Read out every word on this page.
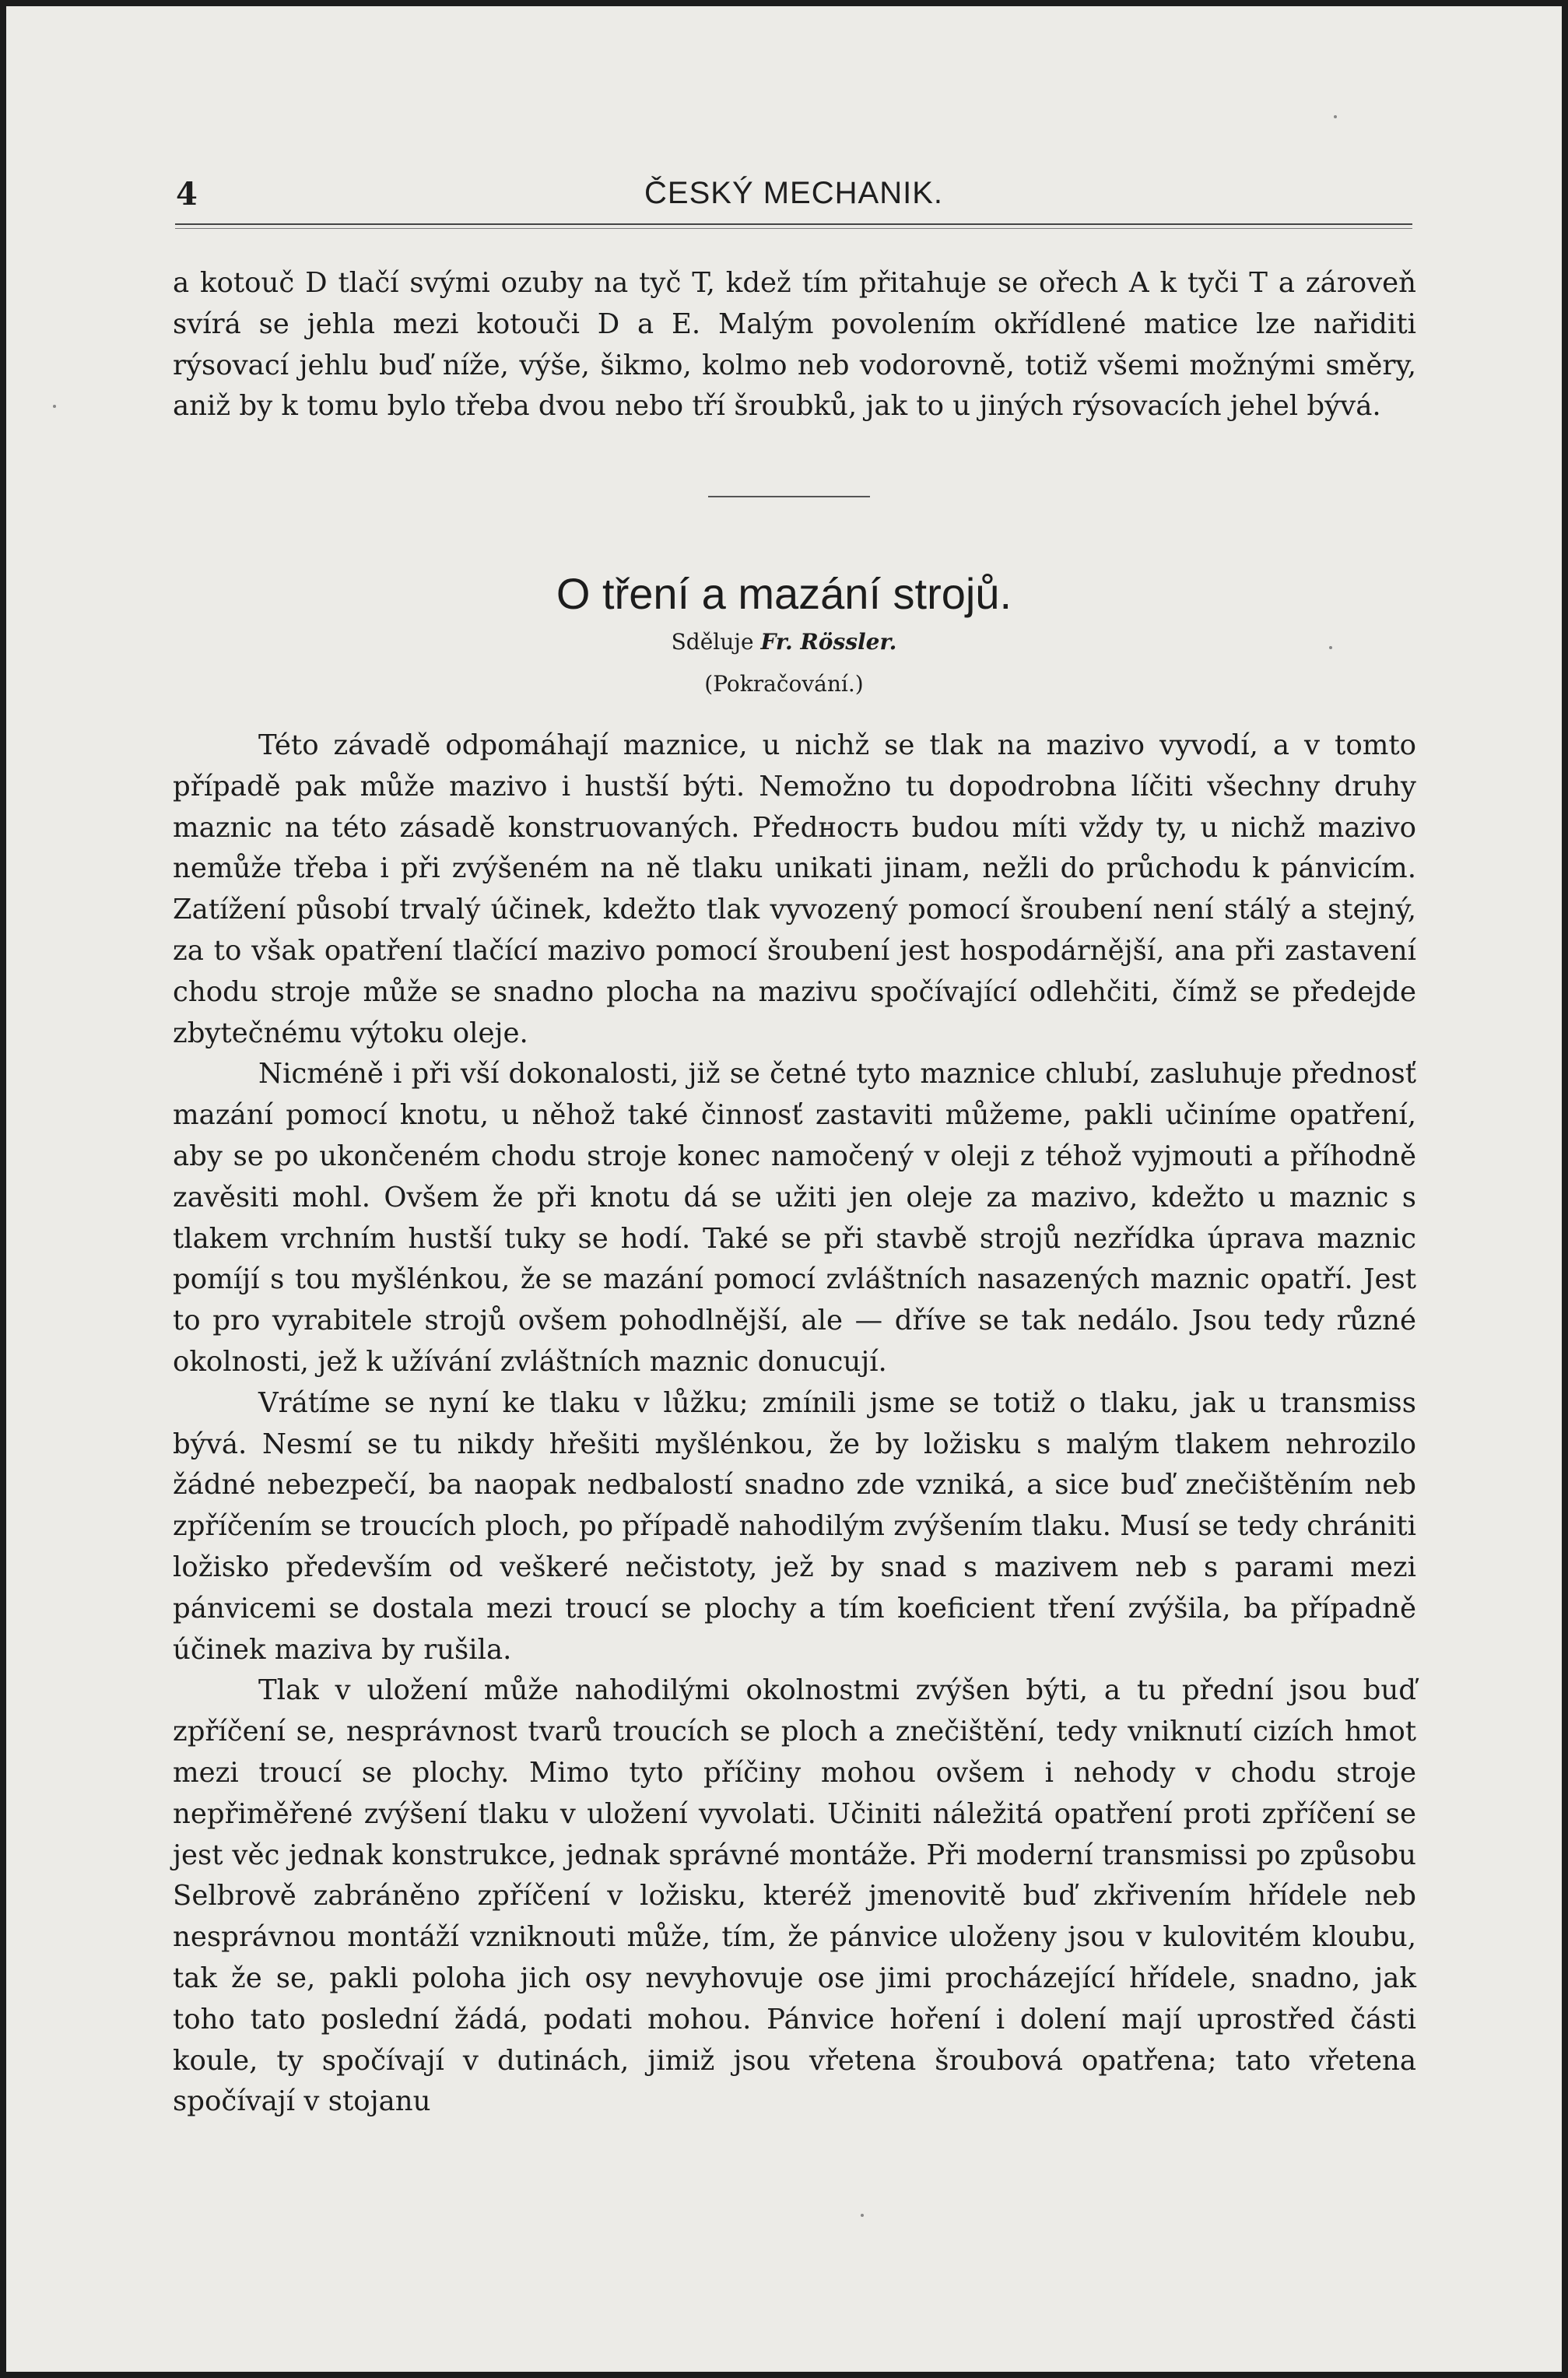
4	ČESKÝ MECHANIK.

a kotouč D tlačí svými ozuby na tyč T, kdež tím přitahuje se ořech A k tyči T a zároveň svírá se jehla mezi kotouči D a E. Malým povolením okřídlené matice lze nařiditi rýsovací jehlu buď níže, výše, šikmo, kolmo neb vodorovně, totiž všemi možnými směry, aniž by k tomu bylo třeba dvou nebo tří šroubků, jak to u jiných rýsovacích jehel bývá.

O tření a mazání strojů.
Sděluje Fr. Rössler.
(Pokračování.)

Této závadě odpomáhají maznice, u nichž se tlak na mazivo vyvodí, a v tomto případě pak může mazivo i hustší býti. Nemožno tu dopodrobna líčiti všechny druhy maznic na této zásadě konstruovaných. Předность budou míti vždy ty, u nichž mazivo nemůže třeba i při zvýšeném na ně tlaku unikati jinam, nežli do průchodu k pánvicím. Zatížení působí trvalý účinek, kdežto tlak vyvozený pomocí šroubení není stálý a stejný, za to však opatření tlačící mazivo pomocí šroubení jest hospodárnější, ana při zastavení chodu stroje může se snadno plocha na mazivu spočívající odlehčiti, čímž se předejde zbytečnému výtoku oleje.

Nicméně i při vší dokonalosti, již se četné tyto maznice chlubí, zasluhuje přednosť mazání pomocí knotu, u něhož také činnosť zastaviti můžeme, pakli učiníme opatření, aby se po ukončeném chodu stroje konec namočený v oleji z téhož vyjmouti a příhodně zavěsiti mohl. Ovšem že při knotu dá se užiti jen oleje za mazivo, kdežto u maznic s tlakem vrchním hustší tuky se hodí. Také se při stavbě strojů nezřídka úprava maznic pomíjí s tou myšlénkou, že se mazání pomocí zvláštních nasazených maznic opatří. Jest to pro vyrabitele strojů ovšem pohodlnější, ale — dříve se tak nedálo. Jsou tedy různé okolnosti, jež k užívání zvláštních maznic donucují.

Vrátíme se nyní ke tlaku v lůžku; zmínili jsme se totiž o tlaku, jak u transmiss bývá. Nesmí se tu nikdy hřešiti myšlénkou, že by ložisku s malým tlakem nehrozilo žádné nebezpečí, ba naopak nedbalostí snadno zde vzniká, a sice buď znečištěním neb zpříčením se troucích ploch, po případě nahodilým zvýšením tlaku. Musí se tedy chrániti ložisko především od veškeré nečistoty, jež by snad s mazivem neb s parami mezi pánvicemi se dostala mezi troucí se plochy a tím koeficient tření zvýšila, ba případně účinek maziva by rušila.

Tlak v uložení může nahodilými okolnostmi zvýšen býti, a tu přední jsou buď zpříčení se, nesprávnost tvarů troucích se ploch a znečištění, tedy vniknutí cizích hmot mezi troucí se plochy. Mimo tyto příčiny mohou ovšem i nehody v chodu stroje nepřiměřené zvýšení tlaku v uložení vyvolati. Učiniti náležitá opatření proti zpříčení se jest věc jednak konstrukce, jednak správné montáže. Při moderní transmissi po způsobu Selbrově zabráněno zpříčení v ložisku, kteréž jmenovitě buď zkřivením hřídele neb nesprávnou montáží vzniknouti může, tím, že pánvice uloženy jsou v kulovitém kloubu, tak že se, pakli poloha jich osy nevyhovuje ose jimi procházející hřídele, snadno, jak toho tato poslední žádá, podati mohou. Pánvice hoření i dolení mají uprostřed části koule, ty spočívají v dutinách, jimiž jsou vřetena šroubová opatřena; tato vřetena spočívají v stojanu
